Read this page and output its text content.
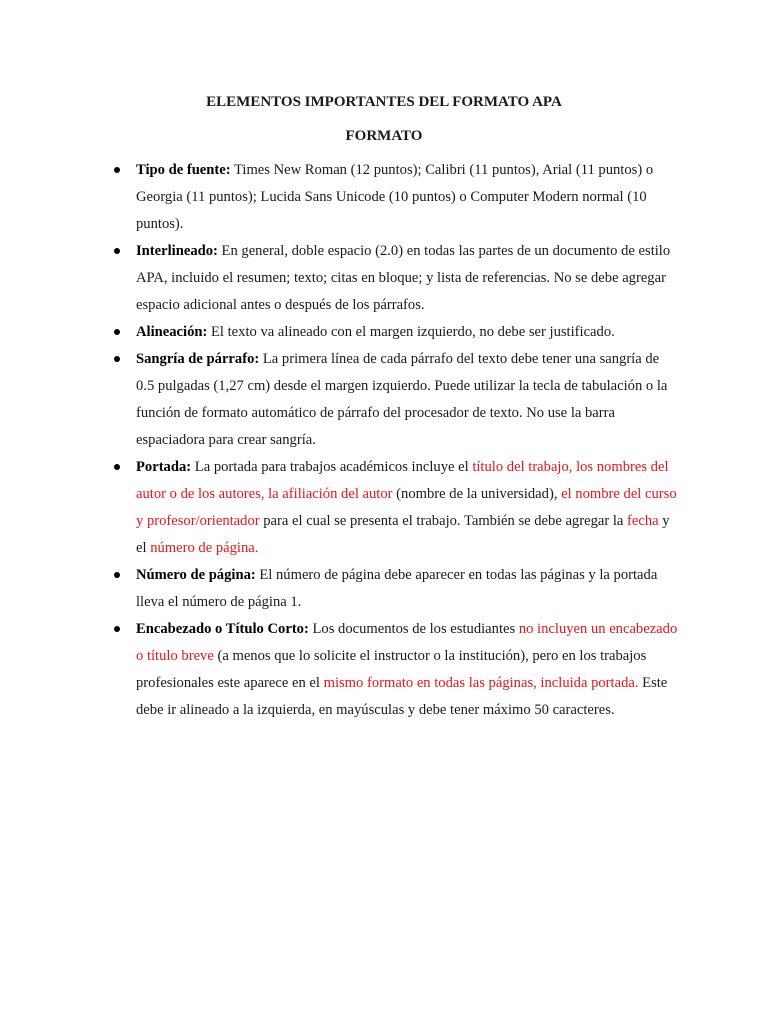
ELEMENTOS IMPORTANTES DEL FORMATO APA
FORMATO
Tipo de fuente: Times New Roman (12 puntos); Calibri (11 puntos), Arial (11 puntos) o Georgia (11 puntos); Lucida Sans Unicode (10 puntos) o Computer Modern normal (10 puntos).
Interlineado: En general, doble espacio (2.0) en todas las partes de un documento de estilo APA, incluido el resumen; texto; citas en bloque; y lista de referencias. No se debe agregar espacio adicional antes o después de los párrafos.
Alineación: El texto va alineado con el margen izquierdo, no debe ser justificado.
Sangría de párrafo: La primera línea de cada párrafo del texto debe tener una sangría de 0.5 pulgadas (1,27 cm) desde el margen izquierdo. Puede utilizar la tecla de tabulación o la función de formato automático de párrafo del procesador de texto. No use la barra espaciadora para crear sangría.
Portada: La portada para trabajos académicos incluye el título del trabajo, los nombres del autor o de los autores, la afiliación del autor (nombre de la universidad), el nombre del curso y profesor/orientador para el cual se presenta el trabajo. También se debe agregar la fecha y el número de página.
Número de página: El número de página debe aparecer en todas las páginas y la portada lleva el número de página 1.
Encabezado o Título Corto: Los documentos de los estudiantes no incluyen un encabezado o título breve (a menos que lo solicite el instructor o la institución), pero en los trabajos profesionales este aparece en el mismo formato en todas las páginas, incluida portada. Este debe ir alineado a la izquierda, en mayúsculas y debe tener máximo 50 caracteres.
